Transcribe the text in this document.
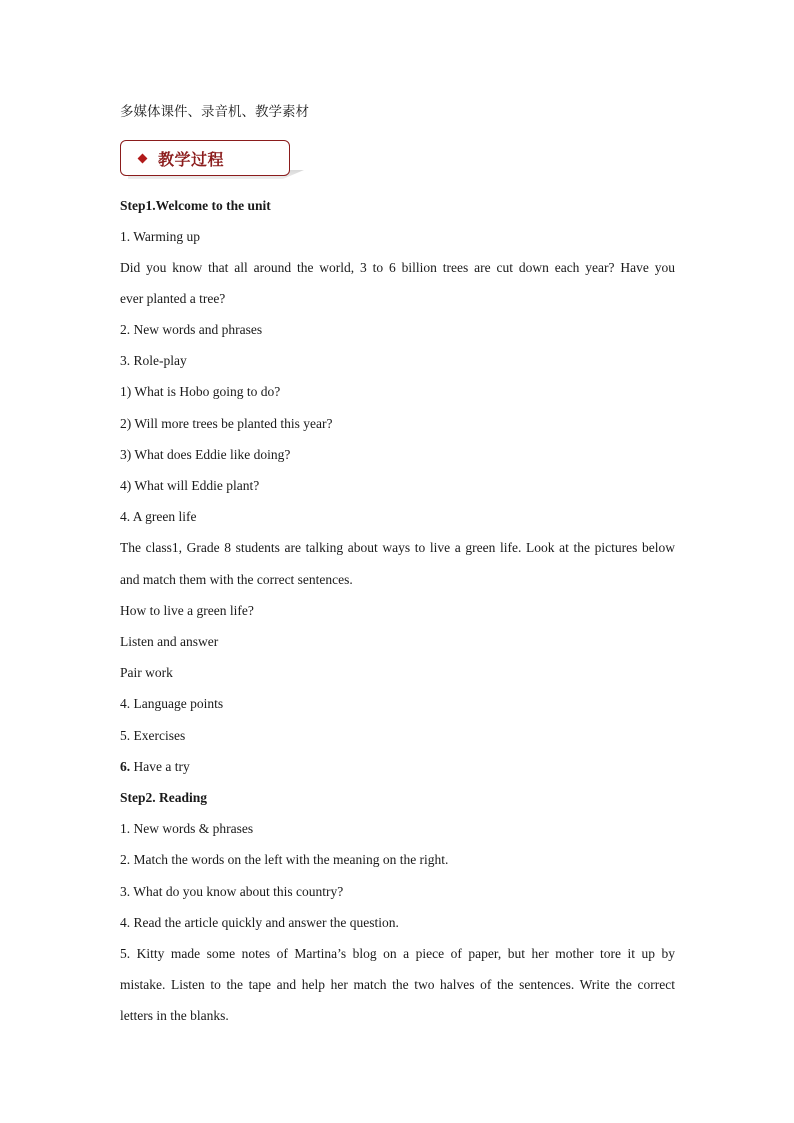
多媒体课件、录音机、教学素材
教学过程
Step1.Welcome to the unit
1. Warming up
Did you know that all around the world, 3 to 6 billion trees are cut down each year? Have you
ever planted a tree?
2. New words and phrases
3. Role-play
1) What is Hobo going to do?
2) Will more trees be planted this year?
3) What does Eddie like doing?
4) What will Eddie plant?
4. A green life
The class1, Grade 8 students are talking about ways to live a green life. Look at the pictures below
and match them with the correct sentences.
How to live a green life?
Listen and answer
Pair work
4. Language points
5. Exercises
6. Have a try
Step2. Reading
1. New words & phrases
2. Match the words on the left with the meaning on the right.
3. What do you know about this country?
4. Read the article quickly and answer the question.
5. Kitty made some notes of Martina’s blog on a piece of paper, but her mother tore it up by
mistake. Listen to the tape and help her match the two halves of the sentences. Write the correct
letters in the blanks.
